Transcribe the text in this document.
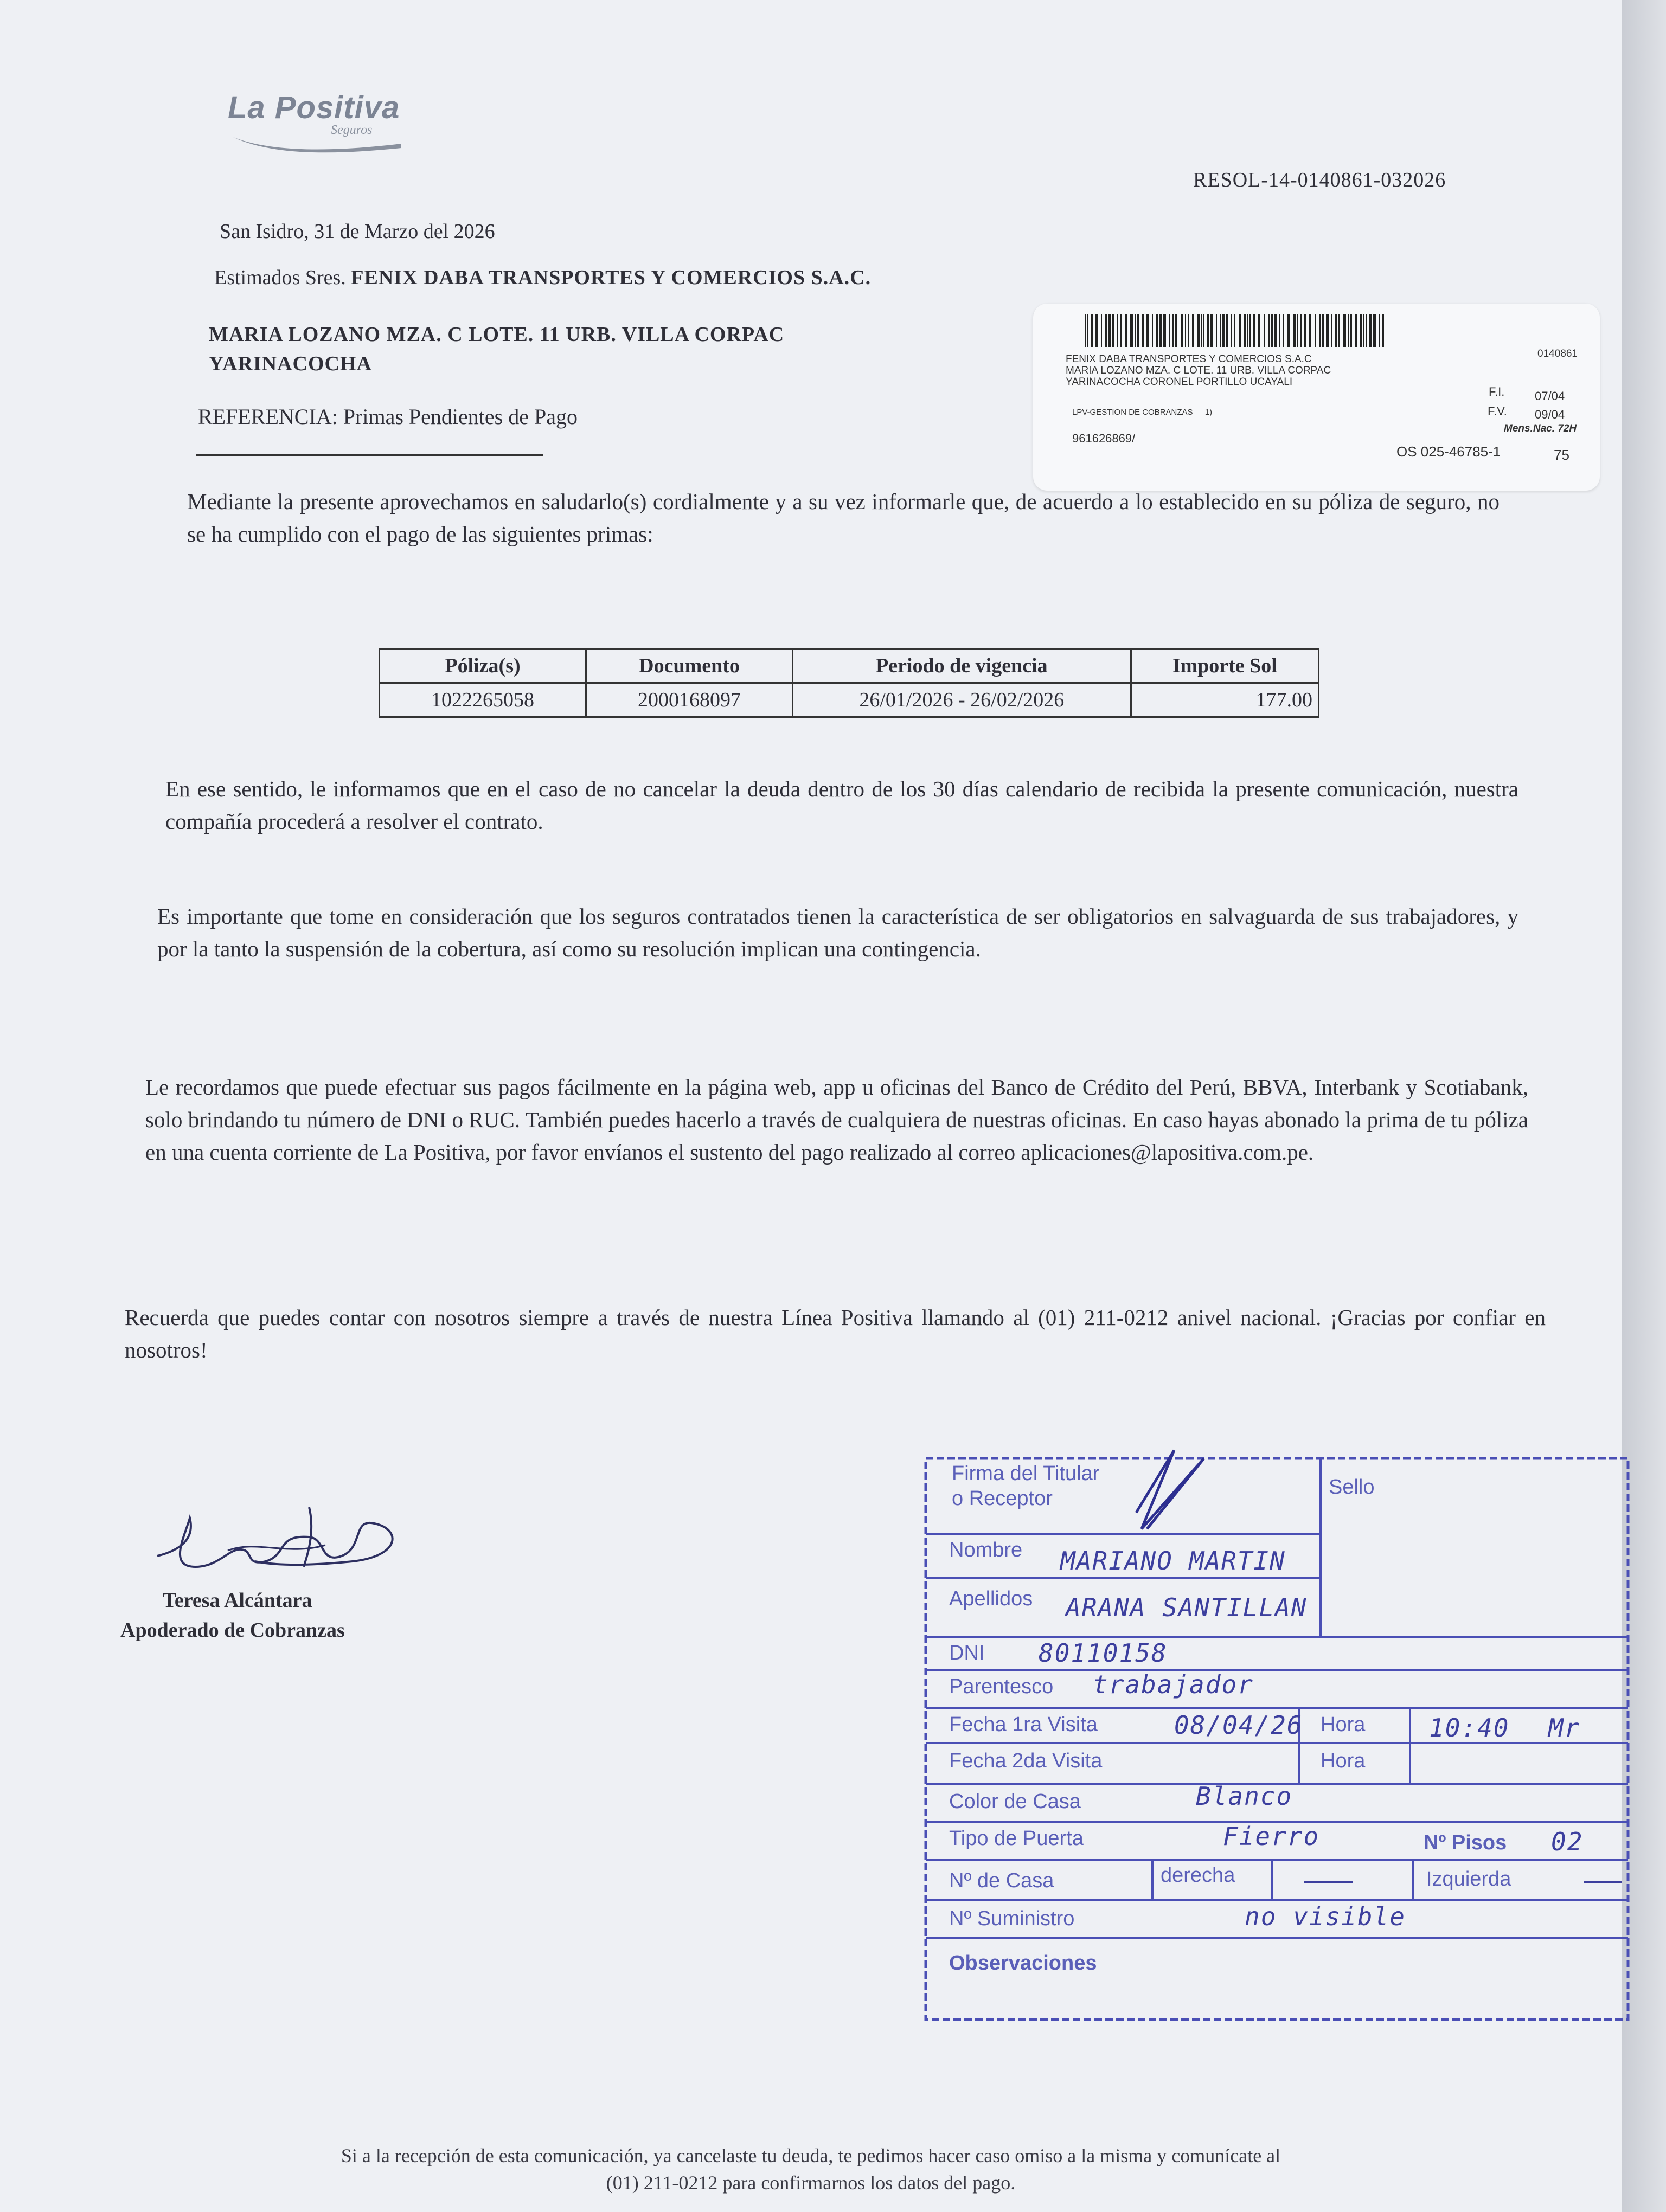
La Positiva
Seguros
RESOL-14-0140861-032026
San Isidro, 31 de Marzo del 2026
Estimados Sres. FENIX DABA TRANSPORTES Y COMERCIOS S.A.C.
MARIA LOZANO MZA. C LOTE. 11 URB. VILLA CORPAC
YARINACOCHA
REFERENCIA: Primas Pendientes de Pago
FENIX DABA TRANSPORTES Y COMERCIOS S.A.C
MARIA LOZANO MZA. C LOTE. 11 URB. VILLA CORPAC
YARINACOCHA CORONEL PORTILLO UCAYALI
0140861
F.I.	07/04
F.V. 09/04
Mens.Nac. 72H
LPV-GESTION DE COBRANZAS 1)
961626869/
OS 025-46785-1	75
Mediante la presente aprovechamos en saludarlo(s) cordialmente y a su vez informarle que, de acuerdo a lo establecido en su póliza de seguro, no se ha cumplido con el pago de las siguientes primas:
Póliza(s)	Documento	Periodo de vigencia	Importe Sol
1022265058	2000168097	26/01/2026 - 26/02/2026	177.00
En ese sentido, le informamos que en el caso de no cancelar la deuda dentro de los 30 días calendario de recibida la presente comunicación, nuestra compañía procederá a resolver el contrato.
Es importante que tome en consideración que los seguros contratados tienen la característica de ser obligatorios en salvaguarda de sus trabajadores, y por la tanto la suspensión de la cobertura, así como su resolución implican una contingencia.
Le recordamos que puede efectuar sus pagos fácilmente en la página web, app u oficinas del Banco de Crédito del Perú, BBVA, Interbank y Scotiabank, solo brindando tu número de DNI o RUC. También puedes hacerlo a través de cualquiera de nuestras oficinas. En caso hayas abonado la prima de tu póliza en una cuenta corriente de La Positiva, por favor envíanos el sustento del pago realizado al correo aplicaciones@lapositiva.com.pe.
Recuerda que puedes contar con nosotros siempre a través de nuestra Línea Positiva llamando al (01) 211-0212 anivel nacional. ¡Gracias por confiar en nosotros!
Teresa Alcántara
Apoderado de Cobranzas
Firma del Titular
o Receptor	Sello
Nombre MARIANO MARTIN
Apellidos ARANA SANTILLAN
DNI 80110158
Parentesco trabajador
Fecha 1ra Visita	08/04/26 Hora	10:40 Mr
Fecha 2da Visita	Hora
Color de Casa	Blanco
Tipo de Puerta	Fierro	Nº Pisos 02
Nº de Casa	derecha	Izquierda
Nº Suministro	no visible
Observaciones
Si a la recepción de esta comunicación, ya cancelaste tu deuda, te pedimos hacer caso omiso a la misma y comunícate al
(01) 211-0212 para confirmarnos los datos del pago.
